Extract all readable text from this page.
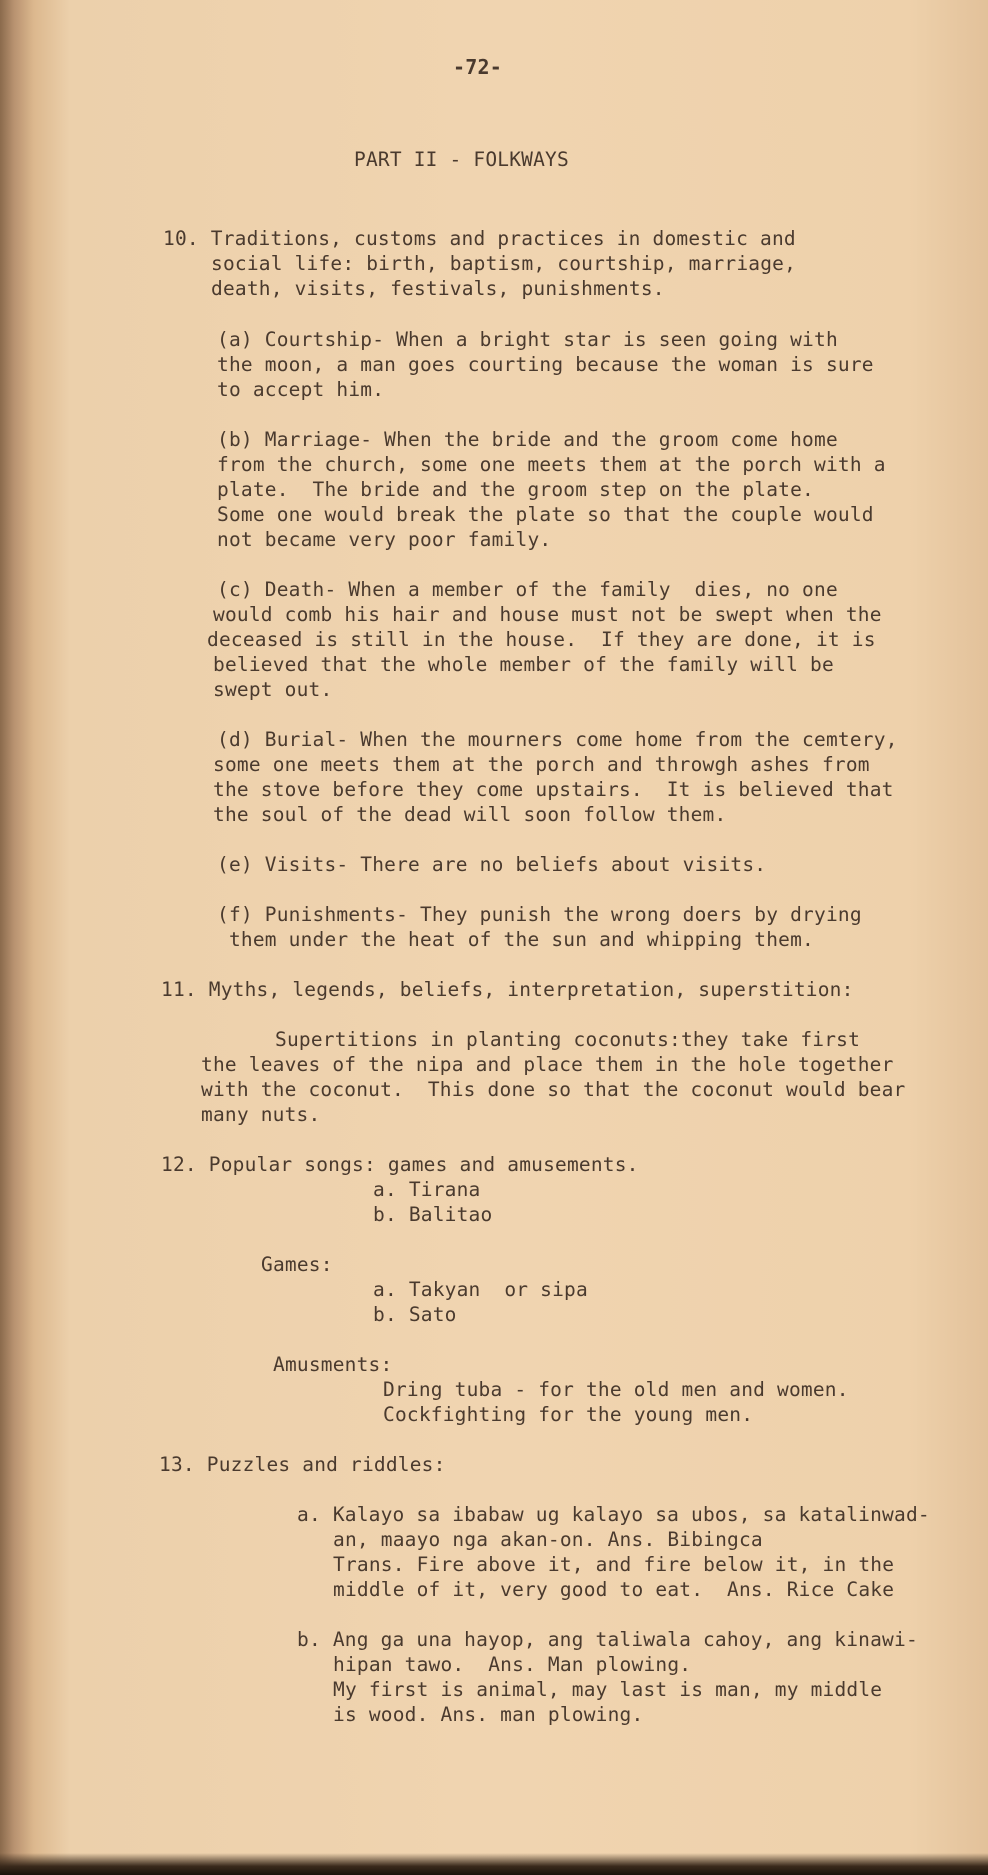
-72-
PART II - FOLKWAYS
10. Traditions, customs and practices in domestic and
social life: birth, baptism, courtship, marriage,
death, visits, festivals, punishments.
(a) Courtship- When a bright star is seen going with
the moon, a man goes courting because the woman is sure
to accept him.
(b) Marriage- When the bride and the groom come home
from the church, some one meets them at the porch with a
plate.  The bride and the groom step on the plate.
Some one would break the plate so that the couple would
not became very poor family.
(c) Death- When a member of the family  dies, no one
would comb his hair and house must not be swept when the
deceased is still in the house.  If they are done, it is
believed that the whole member of the family will be
swept out.
(d) Burial- When the mourners come home from the cemtery,
some one meets them at the porch and throwgh ashes from
the stove before they come upstairs.  It is believed that
the soul of the dead will soon follow them.
(e) Visits- There are no beliefs about visits.
(f) Punishments- They punish the wrong doers by drying
them under the heat of the sun and whipping them.
11. Myths, legends, beliefs, interpretation, superstition:
Supertitions in planting coconuts:they take first
the leaves of the nipa and place them in the hole together
with the coconut.  This done so that the coconut would bear
many nuts.
12. Popular songs: games and amusements.
a. Tirana
b. Balitao
Games:
a. Takyan  or sipa
b. Sato
Amusments:
Dring tuba - for the old men and women.
Cockfighting for the young men.
13. Puzzles and riddles:
a. Kalayo sa ibabaw ug kalayo sa ubos, sa katalinwad-
an, maayo nga akan-on. Ans. Bibingca
Trans. Fire above it, and fire below it, in the
middle of it, very good to eat.  Ans. Rice Cake
b. Ang ga una hayop, ang taliwala cahoy, ang kinawi-
hipan tawo.  Ans. Man plowing.
My first is animal, may last is man, my middle
is wood. Ans. man plowing.
